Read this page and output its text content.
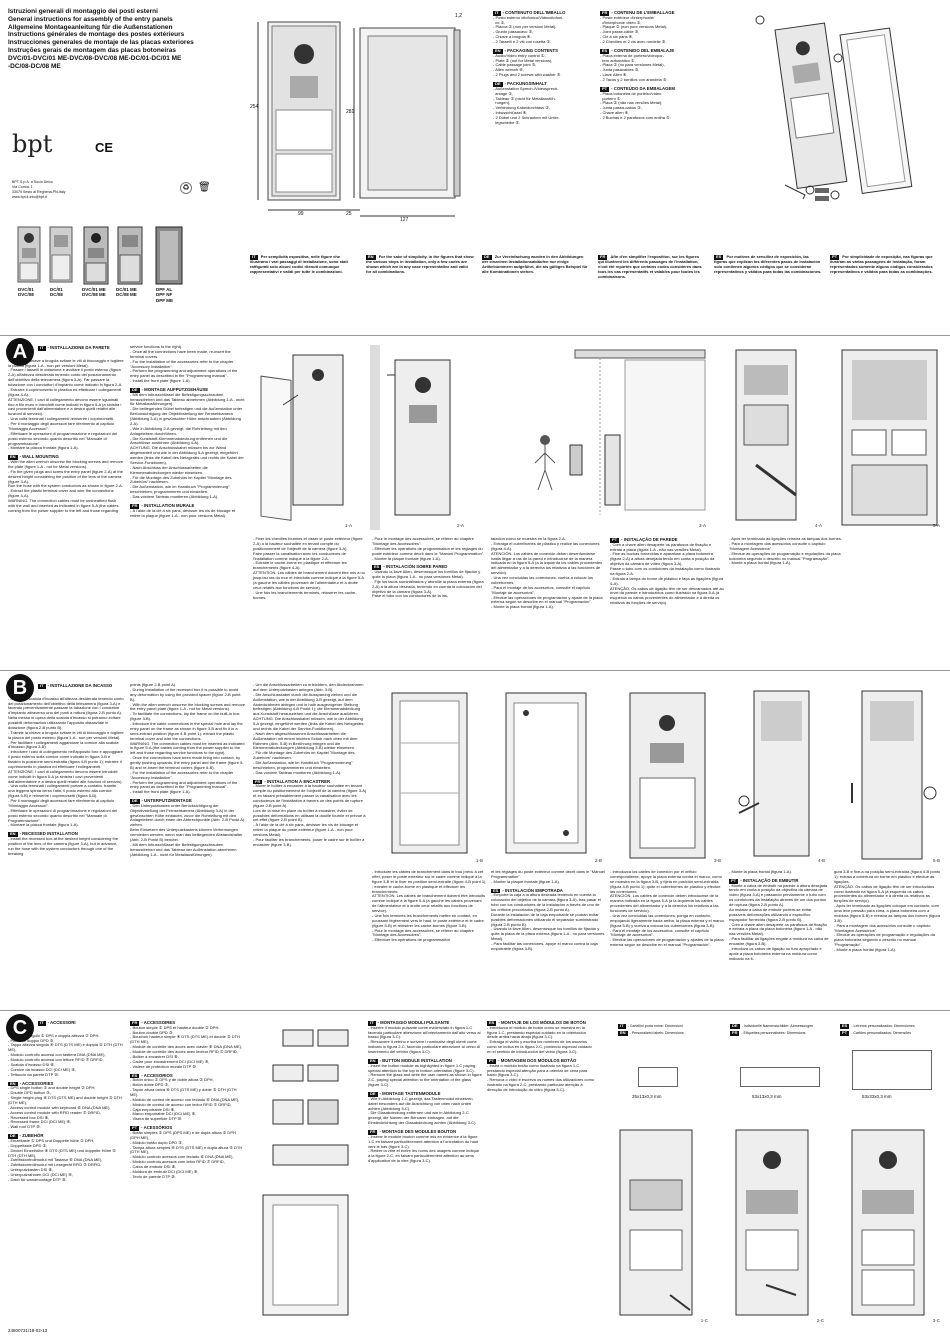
Istruzioni generali di montaggio dei posti esterni
General instructions for assembly of the entry panels
Allgemeine Montageanleitung für die Außenstationen
Instructions générales de montage des postes extérieurs
Instrucciones generales de montaje de las placas exteriores
Instruções gerais de montagem das placas botoneiras
DVC/01-DVC/01 ME-DVC/08-DVC/08 ME-DC/01-DC/01 ME
-DC/08-DC/08 ME
bpt	CE
BPT S.p.A. a Socio Unico
Via Cornia, 1
33079 Sesto al Reghena-PN-Italy
www.bpt.it-info@bpt.it
♻ 🗑
DVC/01
DVC/08
DC/01
DC/08
DVC/01 ME
DVC/08 ME
DC/01 ME
DC/08 ME
DPF AL
DPF NF
DPF ME
254
281
99	25
127
1,2
IT - CONTENUTO DELL'IMBALLO
- Posto esterno citofonico/Videocitofoni-
co ①,
- Placca ② (non per versioni Metal),
- Giunto passacavo ③,
- Chiave a brugola ④,
- 2 Tasselli e 2 viti con rosetta ⑤.
EN - PACKAGING CONTENTS
- Audio/Video entry control ①,
- Plate ② (not for Metal versions),
- Cable passage joint ③,
- Allen wrench ④,
- 2 Plugs and 2 screws with washer ⑤.
DE - PACKUNGSINHALT
- Außenstation Sprech-/Videosprech-
anlage ①,
- Tableau ② (nicht für Metallausfüh-
rungen),
- Verbindung Kabeldurchlass ③,
- Inbusschlüssel ④,
- 2 Dübel und 2 Schrauben mit Unter-
legscheibe ⑤.
FR - CONTENU DE L'EMBALLAGE
- Poste extérieur d'interphonie/
d'interphonie vidéo ①,
- Plaque ② (non pour versions Metal),
- Joint passe-câble ③,
- Clé à six pans ④,
- 2 Chevilles et 2 vis avec rondelle ⑤.
ES - CONTENIDO DEL EMBALAJE
- Placa externa de portero/videopor-
tero automático ①,
- Placa ② (no para versiones Metal),
- Junta pasacables ③,
- Llave Allen ④,
- 2 Tacos y 2 tornillos con arandela ⑤.
PT - CONTEÚDO DA EMBALAGEM
- Placa botoneira de porteiro/vídeo
porteiro ①,
- Placa ② (não nas versões Metal),
- Junta passa-cabos ③,
- Chave allen ④,
- 2 Buchas e 2 parafusos com anilha ⑤.
IT Per semplicità espositiva, nelle figure che illustrano i vari passaggi di installazione, sono stati raffigurati solo alcuni codici ritenuti comunque rappresentativi e validi per tutte le combinazioni.
EN For the sake of simplicity, in the figures that show the various steps in installation, only a few codes are shown which are in any case representative and valid for all combinations.
DE Zur Vereinfachung wurden in den Abbildungen der einzelnen Installationsabläufen nur einige Artikelnummern aufgeführt, die als gültiges Beispiel für alle Kombinationen stehen.
FR Afin d'en simplifier l'exposition, sur les figures qui illustrent les différents passages de l'installation, n'ont été reportés que certains codes considérés dans tous les cas représentatifs et valables pour toutes les combinaisons.
ES Por motivos de sencillez de exposición, las figuras que explican los diferentes pasos de instalación solo contienen algunos códigos que se consideran representativos y válidos para todas las combinaciones.
PT Por simplicidade de exposição, nas figuras que ilustram as várias passagens de instalação, foram representados somente alguns códigos considerados representativos e válidos para todas as combinações.
A	IT - INSTALLAZIONE DA PARETE
- Tramite la chiave a brugola svitare le viti di bloccaggio e togliere la placca (figura 1-A - non per versioni Metal).
- Fissare i tasselli in dotazione e avvitare il posto esterno (figura 2-A) all'altezza desiderata tenendo conto del posizionamento dell'obiettivo della telecamera (figura 3-A). Far passare la tubazione con i conduttori d'impianto come indicato in figura 2-A.
- Estrarre il coprimorsetto in plastica ed effettuare i collegamenti (figura 4-A).
ATTENZIONE. I cavi di collegamento devono essere sguainati fino a filo muro e introdotti come indicati in figura 5-A (a sinistra i cavi provenienti dall'alimentatore e a destra quelli relativi alle funzioni di servizio).
- Una volta terminati i collegamenti reinserire i coprimorsetti.
- Per il montaggio degli accessori fare riferimento al capitolo "Montaggio Accessori".
- Effettuare le operazioni di programmazione e regolazioni del posto esterno secondo quanto descritto nel "Manuale di programmazione".
- Montare la placca frontale (figura 1-A).
EN - WALL MOUNTING
- With the allen wrench unscrew the blocking screws and remove the plate (figure 1-A - not for Metal versions).
- Fix the given plugs and screw the entry panel (figure 2-A) at the desired height considering the position of the lens of the camera (figure 3-A).
Run the hose with the system conductors as shown in figure 2-A.
- Extract the plastic terminal cover and wire the connections (figure 4-A).
WARNING. The connection cables must be unsheathed flush with the wall and inserted as indicated in figure 5-A (the cables coming from the power supplier to the left and those regarding
service functions to the right).
- Once all the connections have been made, re-insert the terminal covers.
- For the installation of the accessories refer to the chapter "Accessory Installation".
- Perform the programming and adjustment operations of the entry panel as described in the "Programming manual".
- Install the front plate (figure 1-A).
DE - MONTAGE AUFPUTZGEHÄUSE
- Mit dem Inbusschlüssel die Befestigungsschrauben herausdrehen und das Tableau abnehmen (Abbildung 1-A - nicht für Metallausführungen).
- Die beiliegenden Dübel befestigen und die Außenstation unter Berücksichtigung der Objektivstellung der Fernsehkamera (Abbildung 3-A) in gewünschter Höhe anschrauben (Abbildung 2-A).
- Wie in Abbildung 2-A gezeigt, die Rohrleitung mit den Anlageleitern durchführen.
- Die Kunststoff-Klemmenabdeckung entfernen und die Anschlüsse ausführen (Abbildung 4-A).
ACHTUNG. Die Anschlusskabel müssen bis zur Wand abgemantelt und wie in der Abbildung 5-A gezeigt, eingeführt werden (links die Kabel des Netzgeräts und rechts die Kabel der Service-Funktionen).
- Nach Abschluss der Anschlussarbeiten die Klemmenabdeckungen wieder einsetzen.
- Für die Montage des Zubehörs im Kapitel "Montage des Zubehörs" nachlesen.
- Die Außenstation, wie im Handbuch "Programmierung" beschrieben, programmieren und einstellen.
- Das vordere Tableau montieren (Abbildung 1-A).
FR - INSTALLATION MURALE
- À l'aide de la clé à six pans, dévisser les vis de blocage et retirer la plaque (figure 1-A - non pour versions Metal).
1-A	2-A	3-A	4-A	5-A
- Fixer les chevilles fournies et visser le poste extérieur (figure 2-A) à la hauteur souhaitée en tenant compte du positionnement de l'objectif de la caméra (figure 3-A).
Faire passer la canalisation avec les conducteurs de l'installation comme indiqué à la figure 2-A.
- Extraire le cache-borne en plastique et effectuer les branchements (figure 4-A).
ATTENTION. Les câbles de branchement doivent être mis à nu jusqu'au ras du mur et introduits comme indiqué à la figure 5-A (à gauche les câbles provenant de l'alimentateur et à droite ceux relatifs aux fonctions de service).
- Une fois les branchements terminés, réinsérer les cache-bornes.
- Pour le montage des accessoires, se référer au chapitre "Montage des Accessoires".
- Effectuer les opérations de programmation et les réglages du poste extérieur comme décrit dans le "Manuel Programmation".
- Monter la plaque frontale (figure 1-A).
ES - INSTALACIÓN SOBRE PARED
- Usando la llave Allen, desenrosque los tornillos de fijación y quite la placa (figura 1-A - no para versiones Metal).
- Fije los tacos suministrados y atornille la placa externa (figura 2-A) a la altura deseada, teniendo en cuenta la colocación del objetivo de la cámara (figura 3-A).
Pase el tubo con los conductores de la ins-
talación como se muestra en la figura 2-A.
- Extraiga el cubrebornes de plástico y realice las conexiones (figura 4-A).
ATENCIÓN. Los cables de conexión deben desenfundarse hasta llegar a ras de la pared e introducirse de la manera indicada en la figura 5-A (a la izquierda los cables procedentes del alimentador y a la derecha los relativos a las funciones de servicio).
- Una vez concluidas las conexiones, vuelva a colocar los cubrebornes.
- Para el montaje de los accesorios, consulte el capítulo "Montaje de accesorios".
- Efectúe las operaciones de programación y ajuste de la placa externa según se describe en el manual "Programación".
- Monte la placa frontal (figura 1-A).
PT - INSTALAÇÃO DE PAREDE
- Com a chave allen desaperte os parafusos de fixação e extraia a placa (figura 1-A - não nas versões Metal).
- Fixe as buchas fornecidas e aparafuse a placa botoneira (figura 2-A) à altura desejada tendo em conta a posição da objetiva da câmara de vídeo (figura 3-A).
Passe o tubo com os condutores da instalação como ilustrado na figura 2-A.
- Extraia a tampa do borne de plástico e faça as ligações (figura 4-A).
ATENÇÃO. Os cabos de ligação têm de ser descarnados até ao nível da parede e introduzidos como ilustrado na figura 5-A (à esquerda os cabos provenientes do alimentador e à direita os relativos às funções de serviço).
- Após ter terminado as ligações reinsira as tampas dos bornes.
- Para a montagem dos acessórios consulte o capítulo "Montagem Acessórios".
- Efectue as operações de programação e regulações da placa botoneira segundo o descrito no manual "Programação".
- Monte a placa frontal (figura 1-A).
B	IT - INSTALLAZIONE DA INCASSO
- Murare la scatola d'incasso all'altezza desiderata tenendo conto del posizionamento dell'obiettivo della telecamera (figura 3-A) e facendo preventivamente passare la tubazione con i conduttori d'impianto attraverso uno dei punti a rottura (figura 2-B punto A).
Nella messa in opera della scatola d'incasso si potranno evitare possibili deformazioni utilizzando l'apposito distanziale in dotazione (figura 2-B punto B).
- Tramite la chiave a brugola svitare le viti di bloccaggio e togliere la placca del posto esterno (figura 1-A - non per versioni Metal).
- Per facilitare i collegamenti agganciare la cornice alla scatola d'incasso (figura 3-B).
- Introdurre i cavi di collegamento nell'apposito foro e appoggiare il posto esterno sulla cornice come indicato in figura 3-B e fissarlo in posizione semi-estratta (figura 4-B punto 1); estrarre il coprimorsetto in plastica ed effettuare i collegamenti.
ATTENZIONE. I cavi di collegamento devono essere introdotti come indicati in figura 5-A (a sinistra i cavi provenienti dall'alimentatore e a destra quelli relativi alle funzioni di servizio).
- Una volta terminati i collegamenti portare a contatto, tramite una leggera spinta verso l'alto, il posto esterno alla cornice (figura 5-B) e reinserire i coprimorsetti (figura 5-B).
- Per il montaggio degli accessori fare riferimento al capitolo "Montaggio Accessori".
- Effettuare le operazioni di programmazione e regolazioni del posto esterno secondo quanto descritto nel "Manuale di Programmazione".
- Montare la placca frontale (figura 1-A).
EN - RECESSED INSTALLATION
- Install the recessed box at the desired height considering the position of the lens of the camera (figure 3-A), but in advance, run the hose with the system conductors through one of the breaking
points (figure 2-B point A).
- During installation of the recessed box it is possible to avoid any deformation by using the provided spacer (figure 2-B point B).
- With the allen wrench unscrew the blocking screws and remove the entry panel plate (figure 1-A - not for Metal versions).
- To facilitate the connections, lay the frame on the built-in box (figure 3-B).
- Introduce the cable connections in the special hole and lay the entry panel on the frame as shown in figure 3-B and fix it in a semi-extract position (figure 4-B point 1); extract the plastic terminal cover and wire the connections.
WARNING. The connection cables must be inserted as indicated in figure 5-A (the cables coming from the power supplier to the left and those regarding service functions to the right).
- Once the connections have been made bring into contact, by gently pushing upwards, the entry panel and the frame (figure 5-B) and re-insert the terminal covers (figure 5-B).
- For the installation of the accessories refer to the chapter "Accessory Installation".
- Perform the programming and adjustment operations of the entry panel as described in the "Programming manual".
- Install the front plate (figure 1-A).
DE - UNTERPUTZMONTAGE
- Den Unterputzkasten unter Berücksichtigung der Objektivstellung der Fernsehkamera (Abbildung 3-A) in der gewünschten Höhe einbauen, zuvor die Rohrleitung mit den Anlageleitern durch einen der Abbrechpunkte (Abb. 2-B Punkt A) ziehen.
Beim Einsetzen des Unterputzkastens können Verformungen vermieden werden, wenn man das beiliegenden Abstandshalter (Abb. 2-B Punkt B) benutzt.
- Mit dem Inbusschlüssel die Befestigungsschrauben herausdrehen und das Tableau der Außenstation abnehmen (Abbildung 1-A - nicht für Metallausführungen).
- Um die Anschlussarbeiten zu erleichtern, den Abdeckrahmen auf dem Unterputzkasten anlegen (Abb. 3-B).
- Die Anschlusskabel durch die Aussparung ziehen und die Außenstation, wie in der Abbildung 3-B gezeigt, auf dem Abdeckrahmen ablegen und in halb ausgezogener Stellung befestigen (Abbildung 4-B Punkt 1); die Klemmenabdeckung aus Kunststoff herausziehen und die Anschlüsse ausführen.
ACHTUNG. Die Anschlusskabel müssen, wie in der Abbildung 5-A gezeigt, eingeführt werden (links die Kabel des Netzgeräts und rechts die Kabel der Service-Funktionen).
- Nach dem abgeschlossenen Anschlussarbeiten die Außenstation mit einem leichten Schub nach oben mit dem Rahmen (Abb. 5-B) in Berührung bringen und die Klemmenabdeckungen (Abbildung 3-B) wieder einsetzen.
- Für die Montage des Zubehörs im Kapitel "Montage des Zubehörs" nachlesen.
- Die Außenstation, wie im Handbuch "Programmierung" beschrieben, programmieren und einstellen.
- Das vordere Tableau montieren (Abbildung 1-A).
FR - INSTALLATION À ENCASTRER
- Murer le boîtier à encastrer à la hauteur souhaitée en tenant compte du positionnement de l'objectif de la caméra (figure 3-A) et en faisant préalablement passer la canalisation avec les conducteurs de l'installation à travers un des points de rupture (figure 2-B point A).
Lors de la mise en place du boîtier à encastrer, éviter de possibles déformations en utilisant la douille fournie et prévue à cet effet (figure 2-B point B).
- À l'aide de la clé à six pans, dévisser les vis de blocage et retirer la plaque du poste extérieur (figure 1-A - non pour versions Metal).
- Pour faciliter les branchements, poser le cadre sur le boîtier à encastrer (figure 3-B).
1-B	2-B	3-B	4-B	5-B
- Introduire les câbles de branchement dans le trou prévu à cet effet, poser le poste extérieur sur le cadre comme indiqué à la figure 3-B et le fixer en position semi-extraite (figure 4-B point 1) ; extraire le cache-borne en plastique et effectuer les branchements.
ATTENTION. Les câbles de branchement doivent être introduits comme indiqué à la figure 5-A (à gauche les câbles provenant de l'alimentateur et à droite ceux relatifs aux fonctions de service).
- Une fois terminés les branchements mettre en contact, en poussant légèrement vers le haut, le poste extérieur et le cadre (figure 5-B) et réinsérer les cache-bornes (figure 3-B).
- Pour le montage des accessoires, se référer au chapitre "Montage des Accessoires".
- Effectuer les opérations de programmation
et les réglages du poste extérieur comme décrit dans le "Manuel Programmation".
- Monter la plaque frontale (figure 1-A).
ES - INSTALACIÓN EMPOTRADA
- Empotre la caja a la altura deseada teniendo en cuenta la colocación del objetivo de la cámara (figura 3-A), tras pasar el tubo con los conductores de la instalación a través de uno de los orificios precortados (figura 2-B punto A).
Durante la instalación de la caja empotrable se podrán evitar posibles deformaciones utilizando el separador suministrado (figura 2-B punto B).
- Usando la llave Allen, desenrosque los tornillos de fijación y quite la placa de la placa externa (figura 1-A - no para versiones Metal).
- Para facilitar las conexiones, apoye el marco contra la caja empotrable (figura 3-B).
- Introduzca los cables de conexión por el orificio correspondiente, apoye la placa externa contra el marco, como se muestra en la figura 3-B, y fíjela en posición semi-extraída (figura 4-B punto 1); quite el cubrebornes de plástico y efectúe las conexiones.
ATENCIÓN. Los cables de conexión deben introducirse de la manera indicada en la figura 5-A (a la izquierda los cables procedentes del alimentador y a la derecha los relativos a las funciones de servicio).
- Una vez concluidas las conexiones, ponga en contacto, empujando ligeramente hacia arriba, la placa externa y el marco (figura 5-B) y vuelva a colocar los cubrebornes (figura 3-B).
- Para el montaje de los accesorios, consulte el capítulo "Montaje de accesorios".
- Efectúe las operaciones de programación y ajustes de la placa externa según se describe en el manual "Programación".
- Monte la placa frontal (figura 1-A).
PT - INSTALAÇÃO DE EMBUTIR
- Monte a caixa de embutir na parede à altura desejada tendo em conta a posição da objectiva da câmara de vídeo (figura 3-A) e passando previamente o tubo com os condutores da instalação através de um dos pontos de ruptura (figura 2-B ponto A).
Ao instalar a caixa de embutir podem-se evitar possíveis deformações utilizando o específico espaçador fornecido (figura 2-B ponto B).
- Com a chave allen desaperte os parafusos de fixação e extraia a placa da placa botoneira (figura 1-A - não nas versões Metal).
- Para facilitar as ligações engate a moldura na caixa de encastre (figura 3-B).
- Introduza os cabos de ligação no furo apropriado e apoie a placa botoneira externa na moldura como indicado na fi-
gura 3-B e fixe-a na posição semi-extraída (figura 4-B ponto 1); extraia a cobertura do borne em plástico e efectue as ligações.
ATENÇÃO. Os cabos de ligação têm de ser introduzidos como ilustrado na figura 5-A (à esquerda os cabos provenientes do alimentador e à direita os relativos às funções de serviço).
- Após ter terminado as ligações coloque em contacto, com uma leve pressão para cima, a placa botoneira com a moldura (figura 5-B) e reinsira as tampas dos bornes (figura 3-B).
- Para a montagem dos acessórios consulte o capítulo "Montagem Acessórios".
- Efectue as operações de programação e regulações da placa botoneira segundo o descrito no manual "Programação".
- Monte a placa frontal (figura 1-A).
C	IT - ACCESSORI
- Pulsante singolo ① DPS e doppia altezza ② DPH,
- Pulsante doppio DPD ③,
- Tappo altezza singola ④ DTS (DTS ME) e doppia ⑤ DTH (DTH ME),
- Modulo controllo accessi con tastiera DNA (DNA ME),
- Modulo controllo accessi con lettore RFID ⑦ DRFID,
- Scatola d'incasso DSI ⑧,
- Cornice da incasso DCI (DCI ME) ⑨,
- Tettuccio da parete DTP ⑩.
EN - ACCESSORIES
- DPS single button ① and double height ② DPH,
- Double DPD button ③,
- Single height plug ④ DTS (DTS ME) and double height ⑤ DTH (DTH ME),
- Access control module with keyboard ⑥ DNA (DNA ME),
- Access control module with RFID reader ⑦ DRFID,
- Recessed box DSI ⑧,
- Recessed frame DCI (DCI ME) ⑨,
- Wall roof DTP ⑩.
DE - ZUBEHÖR
- Einzeltaste ① DPS und Doppelte höhe ② DPH,
- Doppeltaste DPD ③,
- Deckel Einzelhöhe ④ DTS (DTS ME) und doppelte Höhe ⑤ DTH (DTH ME),
- Zutrittskontrollmodul mit Tastatur ⑥ DNA (DNA ME),
- Zutrittskontrollmodul mit Lesegerät RFID ⑦ DRFID,
- Unterputzkasten DSI ⑧,
- Unterputzrahmen DCI (DCI ME) ⑨,
- Dach für wandmontage DTP ⑩.
FR - ACCESSOIRES
- Bouton simple ① DPS et hauteur double ② DPH,
- Bouton double DPD ③,
- Bouchon hauteur simple ④ DTS (DTS ME) et double ⑤ DTH (DTH ME),
- Module de contrôle des accès avec clavier ⑥ DNA (DNA ME),
- Module de contrôle des accès avec lecteur RFID ⑦ DRFID,
- Boîtier à encastrer DSI ⑧,
- Cadre pour encastrement DCI (DCI ME) ⑨,
- Visière de protection murale DTP ⑩.
ES - ACCESORIOS
- Botón único ① DPS y de doble altura ② DPH,
- Botón doble DPD ③,
- Tapón altura única ④ DTS (DTS ME) y doble ⑤ DTH (DTH ME),
- Módulo de control de acceso con teclado ⑥ DNA (DNA ME),
- Módulo de control de acceso con lector RFID ⑦ DRFID,
- Caja empotrable DSI ⑧,
- Marco empotrable DCI (DCI ME) ⑨,
- Visera de superficie DTP ⑩.
PT - ACESSÓRIOS
- Botão simples ① DPS (DPS ME) e de dupla altura ② DPH (DPH ME),
- Módulo botão duplo DPD ③,
- Tampa altura simples ④ DTS (DTS ME) e dupla altura ⑤ DTH (DTH ME),
- Módulo controlo acessos com teclado ⑥ DNA (DNA ME),
- Módulo controlo acessos com leitor RFID ⑦ DRFID,
- Caixa de embutir DSI ⑧,
- Moldura de embutir DCI (DCI ME) ⑨,
- Tecto de parede DTP ⑩.
IT - MONTAGGIO MODULI PULSANTE
- Inserire il modulo pulsante come evidenziato in figura 1-C facendo particolare attenzione all'orientamento dall'alto verso al basso (figura 3-C).
- Rimuovere il vetrino e scrivere i nominativi degli utenti come indicato in figura 2-C, facendo particolare attenzione al verso di inserimento del vetrino (figura 3-C).
EN - BUTTON MODULE INSTALLATION
- Insert the button module as highlighted in figure 1-C paying special attention to the top to bottom orientation (figure 3-C).
- Remove the glass and write the user names as shown in figure 2-C, paying special attention to the orientation of the glass (figure 3-C).
DE - MONTAGE TASTENMODULE
- Wie in Abbildung 1-C gezeigt, das Tastenmodul einsetzen, dabei besonders auf die Ausrichtung von oben nach unten achten (Abbildung 3-C).
- Die Glasabdeckung entfernen und wie in Abbildung 2-C gezeigt, die Namen der Benutzer eintragen, auf die Einsteckrichtung der Glasabdeckung achten (Abbildung 3-C).
FR - MONTAGE DES MODULES BOUTON
- Insérer le module bouton comme mis en évidence à la figure 1-C en faisant particulièrement attention à l'orientation du haut vers le bas (figure 3-C).
- Retirer la vitre et écrire les noms des usagers comme indiqué à la figure 2-C, en faisant particulièrement attention au sens d'application de la vitre (figura 3-C).
ES - MONTAJE DE LOS MÓDULOS DE BOTÓN
- Introduzca el módulo de botón como se muestra en la figura 1-C, prestando especial cuidado en la orientación desde arriba hacia abajo (figura 3-C).
- Extraiga el vidrio y escriba los nombres de los usuarios como se indica en la figura 2-C, poniendo especial cuidado en el sentido de introducción del vidrio (figura 3-C).
PT - MONTAGEM DOS MÓDULOS BOTÃO
- Insira o módulo botão como ilustrado na figura 1-C prestando especial atenção para a orientar de cima para baixo (figura 3-C).
- Remova o vidro e escreva os nomes dos utilizadores como ilustrado na figura 2-C, prestando particular atenção à direcção de introdução do vidro (figura 3-C).
IT - Cartellini porta nome: Dimensioni
EN - Personalized labels: Dimensions
DE - Individuelle Namensschilder: Abmessungen
FR - Étiquettes personnalisées: Dimensions
ES - Letreros personalizados: Dimensiones
PT - Cartões personalizados: Dimensões
25x13x0,3 mm	53x13x0,3 mm	53x33x0,3 mm
1-C	2-C	3-C
24800731/18-02-13
